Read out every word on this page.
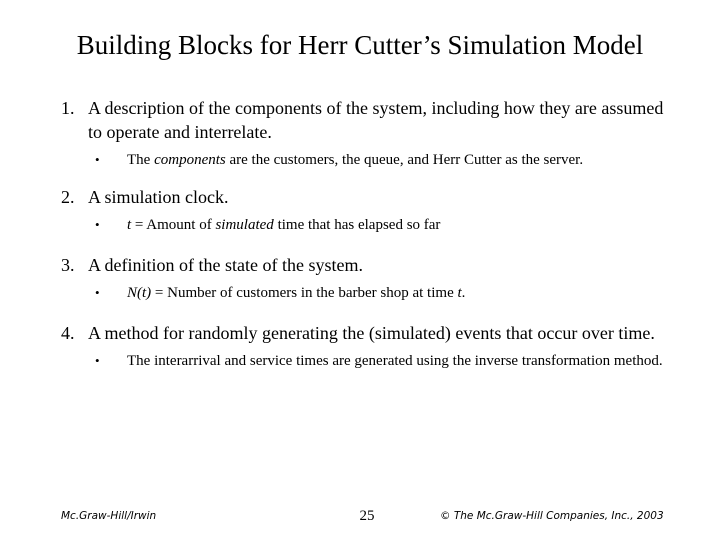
Building Blocks for Herr Cutter’s Simulation Model
1. A description of the components of the system, including how they are assumed to operate and interrelate.
• The components are the customers, the queue, and Herr Cutter as the server.
2. A simulation clock.
• t = Amount of simulated time that has elapsed so far
3. A definition of the state of the system.
• N(t) = Number of customers in the barber shop at time t.
4. A method for randomly generating the (simulated) events that occur over time.
• The interarrival and service times are generated using the inverse transformation method.
Mc.Graw-Hill/Irwin	25	© The Mc.Graw-Hill Companies, Inc., 2003
